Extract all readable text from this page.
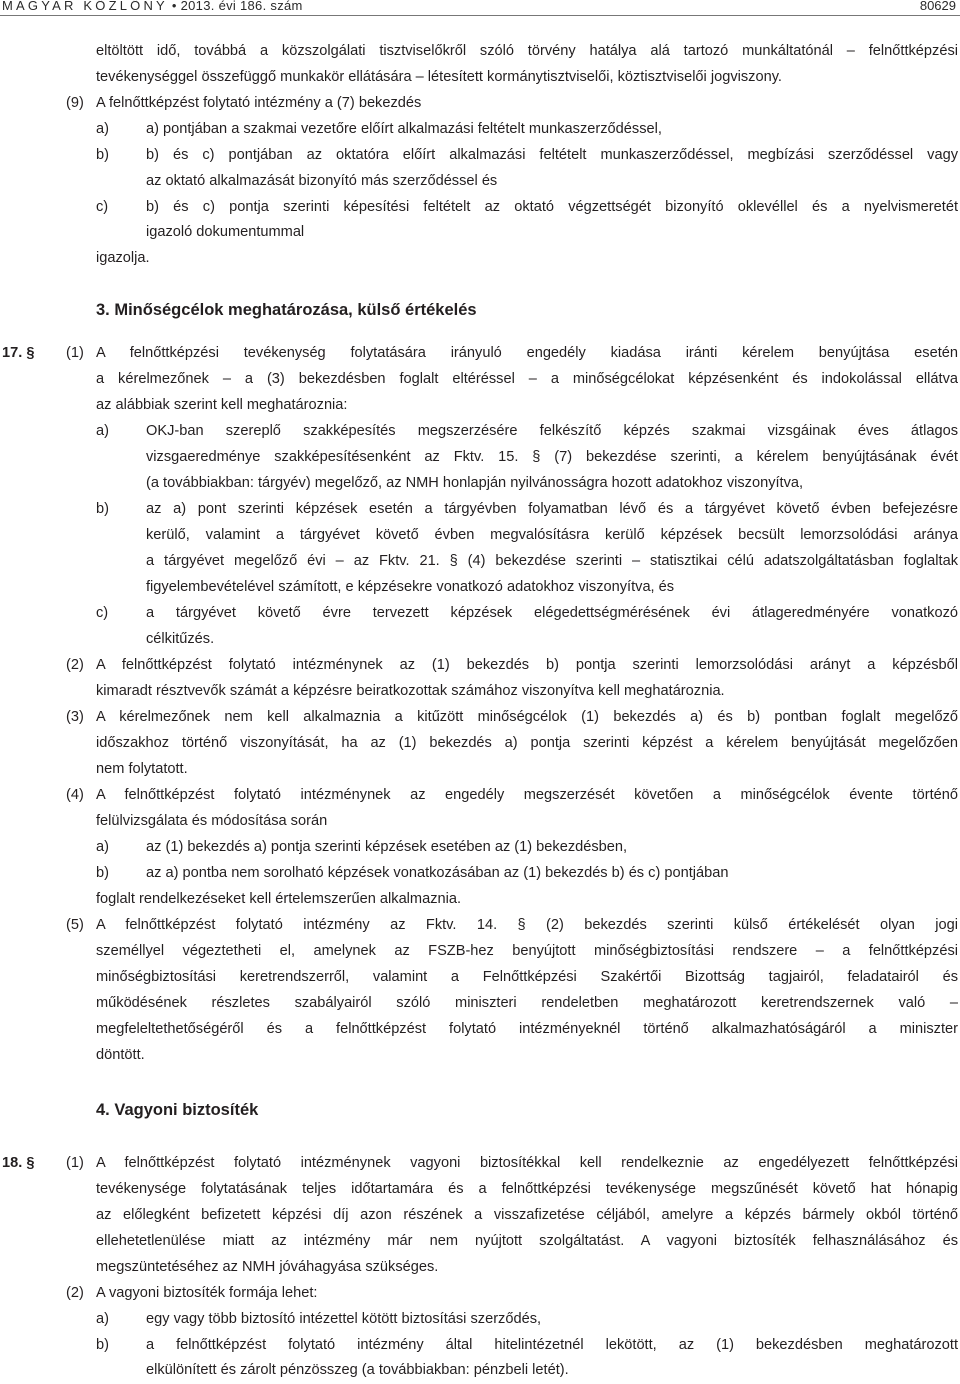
MAGYAR KÖZLÖNY • 2013. évi 186. szám	80629
eltöltött idő, továbbá a közszolgálati tisztviselőkről szóló törvény hatálya alá tartozó munkáltatónál – felnőttképzési
tevékenységgel összefüggő munkakör ellátására – létesített kormánytisztviselői, köztisztviselői jogviszony.
(9) A felnőttképzést folytató intézmény a (7) bekezdés
a)	a) pontjában a szakmai vezetőre előírt alkalmazási feltételt munkaszerződéssel,
b)	b) és c) pontjában az oktatóra előírt alkalmazási feltételt munkaszerződéssel, megbízási szerződéssel vagy
az oktató alkalmazását bizonyító más szerződéssel és
c)	b) és c) pontja szerinti képesítési feltételt az oktató végzettségét bizonyító oklevéllel és a nyelvismeretét
igazoló dokumentummal
igazolja.
3. Minőségcélok meghatározása, külső értékelés
17. § (1) A felnőttképzési tevékenység folytatására irányuló engedély kiadása iránti kérelem benyújtása esetén
a kérelmezőnek – a (3) bekezdésben foglalt eltéréssel – a minőségcélokat képzésenként és indokolással ellátva
az alábbiak szerint kell meghatároznia:
a)	OKJ-ban szereplő szakképesítés megszerzésére felkészítő képzés szakmai vizsgáinak éves átlagos
vizsgaeredménye szakképesítésenként az Fktv. 15. § (7) bekezdése szerinti, a kérelem benyújtásának évét
(a továbbiakban: tárgyév) megelőző, az NMH honlapján nyilvánosságra hozott adatokhoz viszonyítva,
b)	az a) pont szerinti képzések esetén a tárgyévben folyamatban lévő és a tárgyévet követő évben befejezésre
kerülő, valamint a tárgyévet követő évben megvalósításra kerülő képzések becsült lemorzsolódási aránya
a tárgyévet megelőző évi – az Fktv. 21. § (4) bekezdése szerinti – statisztikai célú adatszolgáltatásban foglaltak
figyelembevételével számított, e képzésekre vonatkozó adatokhoz viszonyítva, és
c)	a tárgyévet követő évre tervezett képzések elégedettségmérésének évi átlageredményére vonatkozó
célkitűzés.
(2) A felnőttképzést folytató intézménynek az (1) bekezdés b) pontja szerinti lemorzsolódási arányt a képzésből
kimaradt résztvevők számát a képzésre beiratkozottak számához viszonyítva kell meghatároznia.
(3) A kérelmezőnek nem kell alkalmaznia a kitűzött minőségcélok (1) bekezdés a) és b) pontban foglalt megelőző
időszakhoz történő viszonyítását, ha az (1) bekezdés a) pontja szerinti képzést a kérelem benyújtását megelőzően
nem folytatott.
(4) A felnőttképzést folytató intézménynek az engedély megszerzését követően a minőségcélok évente történő
felülvizsgálata és módosítása során
a)	az (1) bekezdés a) pontja szerinti képzések esetében az (1) bekezdésben,
b)	az a) pontba nem sorolható képzések vonatkozásában az (1) bekezdés b) és c) pontjában
foglalt rendelkezéseket kell értelemszerűen alkalmaznia.
(5) A felnőttképzést folytató intézmény az Fktv. 14. § (2) bekezdés szerinti külső értékelését olyan jogi
személlyel végeztetheti el, amelynek az FSZB-hez benyújtott minőségbiztosítási rendszere – a felnőttképzési
minőségbiztosítási keretrendszerről, valamint a Felnőttképzési Szakértői Bizottság tagjairól, feladatairól és
működésének részletes szabályairól szóló miniszteri rendeletben meghatározott keretrendszernek való –
megfeleltethetőségéről és a felnőttképzést folytató intézményeknél történő alkalmazhatóságáról a miniszter
döntött.
4. Vagyoni biztosíték
18. § (1) A felnőttképzést folytató intézménynek vagyoni biztosítékkal kell rendelkeznie az engedélyezett felnőttképzési
tevékenysége folytatásának teljes időtartamára és a felnőttképzési tevékenysége megszűnését követő hat hónapig
az előlegként befizetett képzési díj azon részének a visszafizetése céljából, amelyre a képzés bármely okból történő
ellehetetlenülése miatt az intézmény már nem nyújtott szolgáltatást. A vagyoni biztosíték felhasználásához és
megszüntetéséhez az NMH jóváhagyása szükséges.
(2) A vagyoni biztosíték formája lehet:
a)	egy vagy több biztosító intézettel kötött biztosítási szerződés,
b)	a felnőttképzést folytató intézmény által hitelintézetnél lekötött, az (1) bekezdésben meghatározott
elkülönített és zárolt pénzösszeg (a továbbiakban: pénzbeli letét).
